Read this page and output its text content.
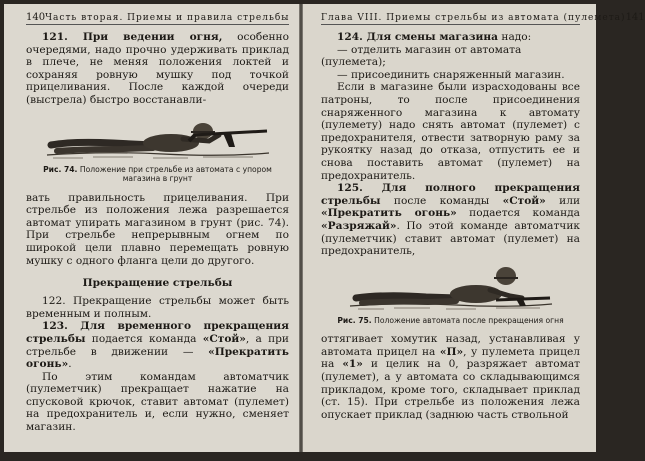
140 Часть вторая. Приемы и правила стрельбы

121. При ведении огня, особенно очередями, надо прочно удерживать приклад в плече, не меняя положения локтей и сохраняя ровную мушку под точкой прицеливания. После каждой очереди (выстрела) быстро восстанавли-

Рис. 74. Положение при стрельбе из автомата с упором магазина в грунт

вать правильность прицеливания. При стрельбе из положения лежа разрешается автомат упирать магазином в грунт (рис. 74). При стрельбе непрерывным огнем по широкой цели плавно перемещать ровную мушку с одного фланга цели до другого.

Прекращение стрельбы

122. Прекращение стрельбы может быть временным и полным.

123. Для временного прекращения стрельбы подается команда «Стой», а при стрельбе в движении — «Прекратить огонь».

По этим командам автоматчик (пулеметчик) прекращает нажатие на спусковой крючок, ставит автомат (пулемет) на предохранитель и, если нужно, сменяет магазин.

Глава VIII. Приемы стрельбы из автомата (пулемета) 141

124. Для смены магазина надо:

— отделить магазин от автомата (пулемета);

— присоединить снаряженный магазин.

Если в магазине были израсходованы все патроны, то после присоединения снаряженного магазина к автомату (пулемету) надо снять автомат (пулемет) с предохранителя, отвести затворную раму за рукоятку назад до отказа, отпустить ее и снова поставить автомат (пулемет) на предохранитель.

125. Для полного прекращения стрельбы после команды «Стой» или «Прекратить огонь» подается команда «Разряжай». По этой команде автоматчик (пулеметчик) ставит автомат (пулемет) на предохранитель,

Рис. 75. Положение автомата после прекращения огня

оттягивает хомутик назад, устанавливая у автомата прицел на «П», у пулемета прицел на «1» и целик на 0, разряжает автомат (пулемет), а у автомата со складывающимся прикладом, кроме того, складывает приклад (ст. 15). При стрельбе из положения лежа опускает приклад (заднюю часть ствольной
